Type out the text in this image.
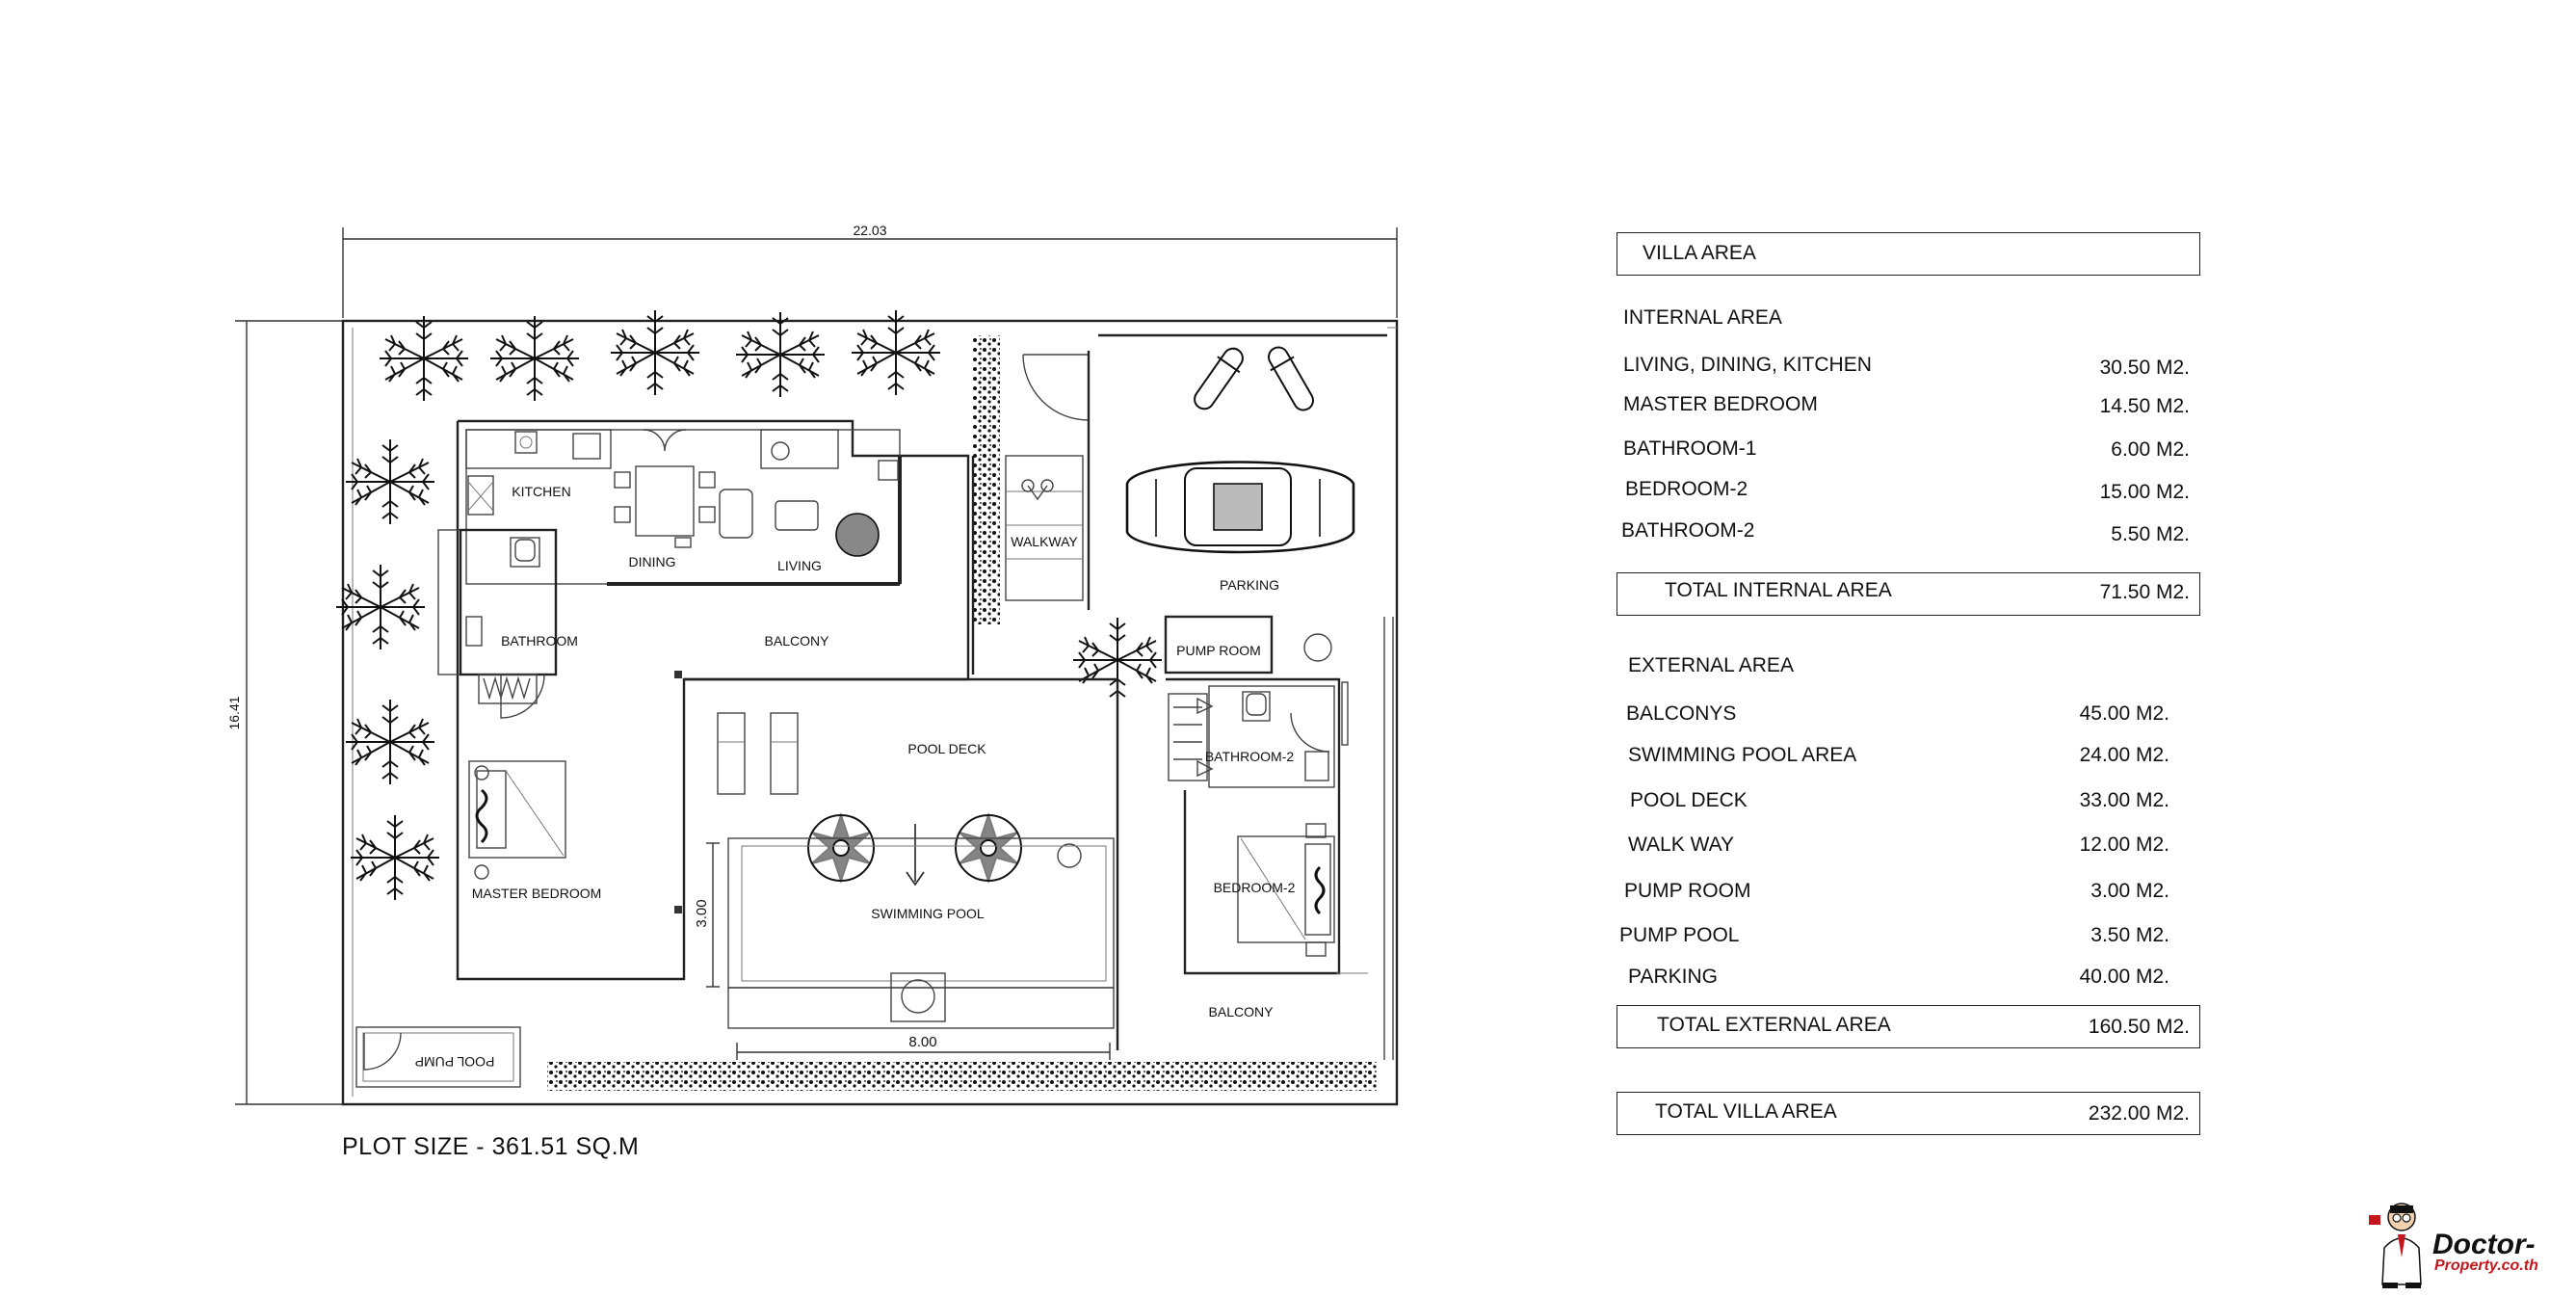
22.03
16.41
8.00
3.00
KITCHEN
DINING	LIVING
BATHROOM	BALCONY
MASTER BEDROOM
POOL DECK
SWIMMING POOL
WALKWAY
PARKING
PUMP ROOM
BATHROOM-2
BEDROOM-2
BALCONY
POOL PUMP
PLOT SIZE - 361.51 SQ.M
VILLA AREA
INTERNAL AREA
LIVING, DINING, KITCHEN	30.50 M2.
MASTER BEDROOM	14.50 M2.
BATHROOM-1	6.00 M2.
BEDROOM-2	15.00 M2.
BATHROOM-2	5.50 M2.
TOTAL INTERNAL AREA	71.50 M2.
EXTERNAL AREA
BALCONYS	45.00 M2.
SWIMMING POOL AREA	24.00 M2.
POOL DECK	33.00 M2.
WALK WAY	12.00 M2.
PUMP ROOM	3.00 M2.
PUMP POOL	3.50 M2.
PARKING	40.00 M2.
TOTAL EXTERNAL AREA	160.50 M2.
TOTAL VILLA AREA	232.00 M2.
Doctor-
Property.co.th
